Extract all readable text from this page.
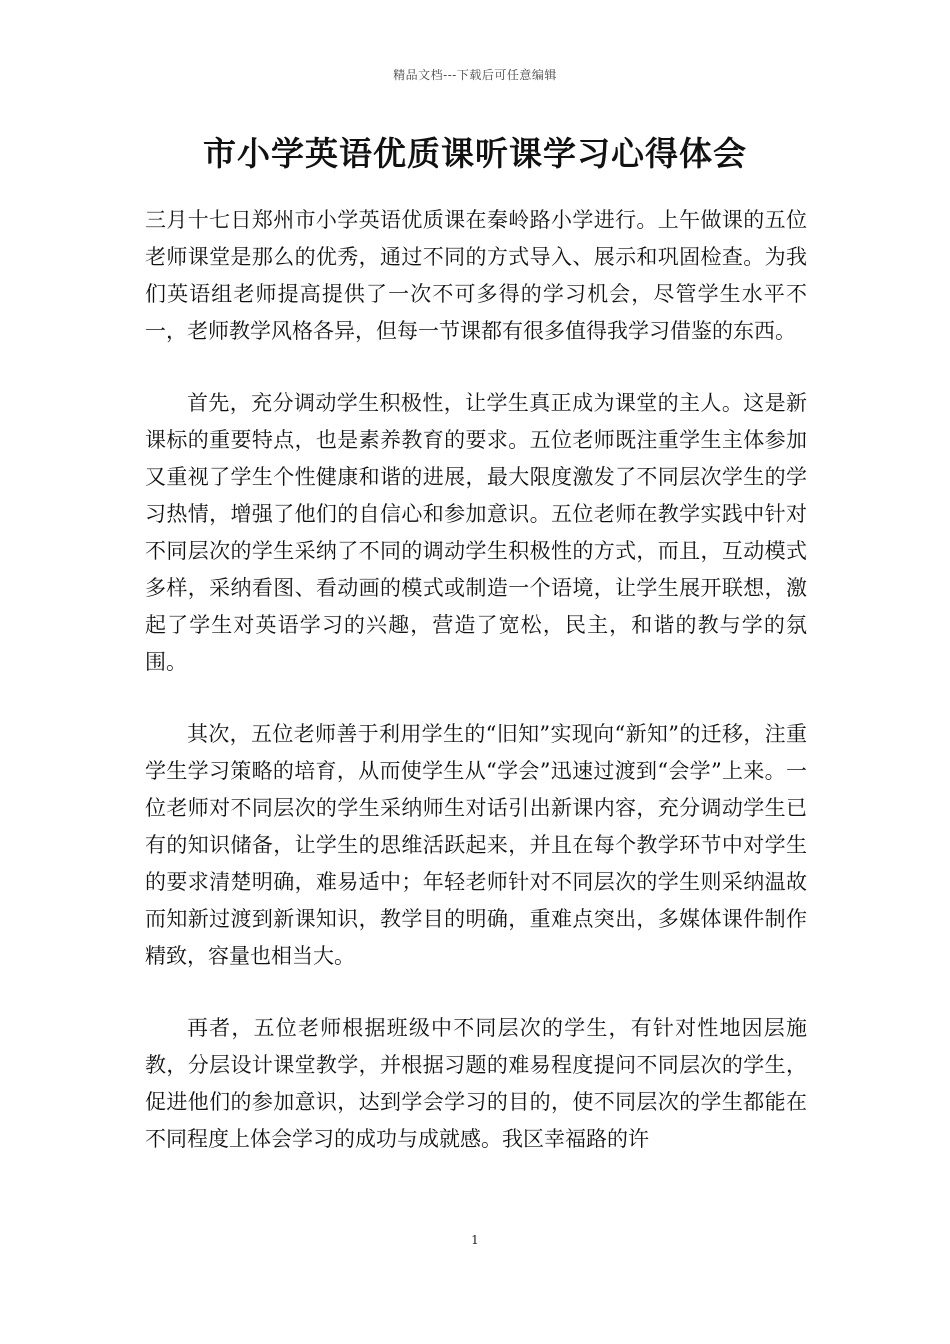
精品文档---下载后可任意编辑
市小学英语优质课听课学习心得体会

三月十七日郑州市小学英语优质课在秦岭路小学进行。上午做课的五位老师课堂是那么的优秀，通过不同的方式导入、展示和巩固检查。为我们英语组老师提高提供了一次不可多得的学习机会，尽管学生水平不一，老师教学风格各异，但每一节课都有很多值得我学习借鉴的东西。

首先，充分调动学生积极性，让学生真正成为课堂的主人。这是新课标的重要特点，也是素养教育的要求。五位老师既注重学生主体参加又重视了学生个性健康和谐的进展，最大限度激发了不同层次学生的学习热情，增强了他们的自信心和参加意识。五位老师在教学实践中针对不同层次的学生采纳了不同的调动学生积极性的方式，而且，互动模式多样，采纳看图、看动画的模式或制造一个语境，让学生展开联想，激起了学生对英语学习的兴趣，营造了宽松，民主，和谐的教与学的氛围。

其次，五位老师善于利用学生的“旧知”实现向“新知”的迁移，注重学生学习策略的培育，从而使学生从“学会”迅速过渡到“会学”上来。一位老师对不同层次的学生采纳师生对话引出新课内容，充分调动学生已有的知识储备，让学生的思维活跃起来，并且在每个教学环节中对学生的要求清楚明确，难易适中；年轻老师针对不同层次的学生则采纳温故而知新过渡到新课知识，教学目的明确，重难点突出，多媒体课件制作精致，容量也相当大。

再者，五位老师根据班级中不同层次的学生，有针对性地因层施教，分层设计课堂教学，并根据习题的难易程度提问不同层次的学生，促进他们的参加意识，达到学会学习的目的，使不同层次的学生都能在不同程度上体会学习的成功与成就感。我区幸福路的许

1
